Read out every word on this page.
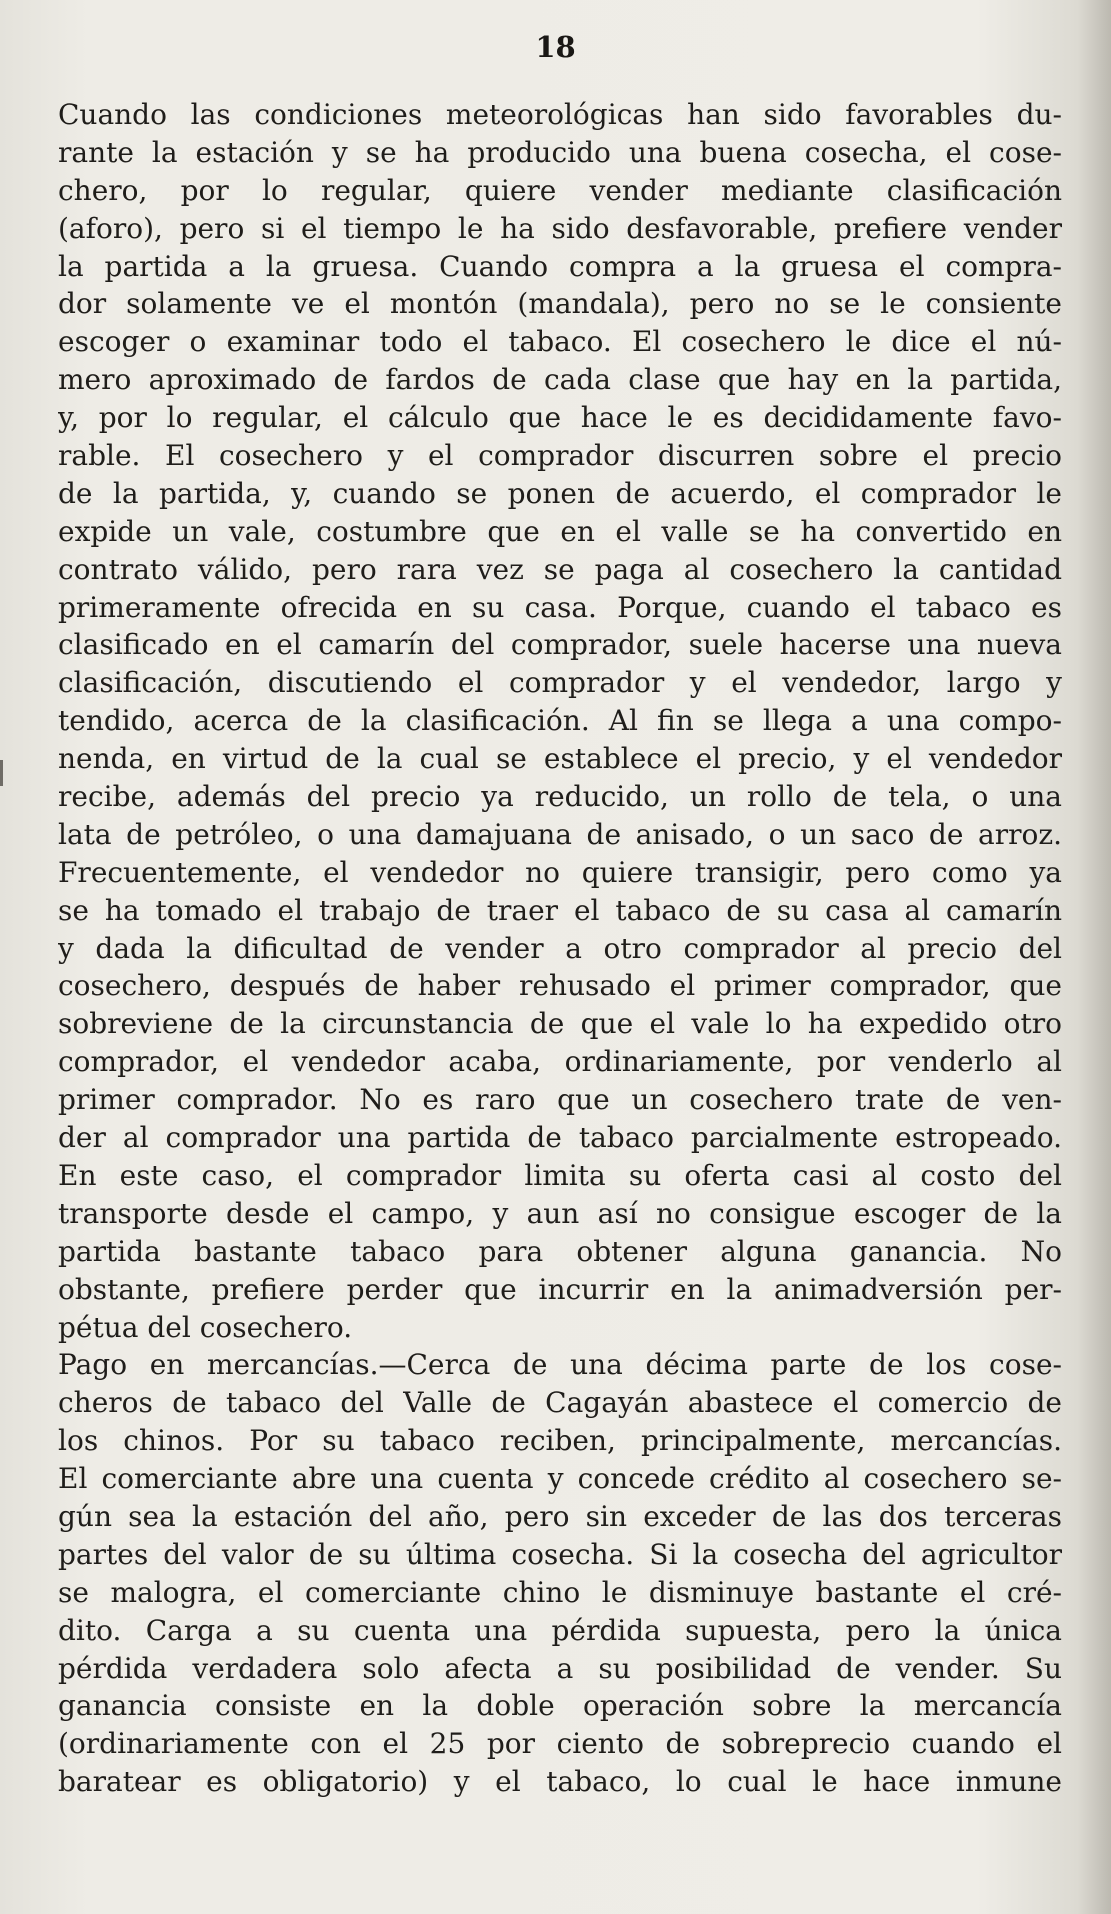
18
Cuando las condiciones meteorológicas han sido favorables du-
rante la estación y se ha producido una buena cosecha, el cose-
chero, por lo regular, quiere vender mediante clasificación
(aforo), pero si el tiempo le ha sido desfavorable, prefiere vender
la partida a la gruesa. Cuando compra a la gruesa el compra-
dor solamente ve el montón (mandala), pero no se le consiente
escoger o examinar todo el tabaco. El cosechero le dice el nú-
mero aproximado de fardos de cada clase que hay en la partida,
y, por lo regular, el cálculo que hace le es decididamente favo-
rable. El cosechero y el comprador discurren sobre el precio
de la partida, y, cuando se ponen de acuerdo, el comprador le
expide un vale, costumbre que en el valle se ha convertido en
contrato válido, pero rara vez se paga al cosechero la cantidad
primeramente ofrecida en su casa. Porque, cuando el tabaco es
clasificado en el camarín del comprador, suele hacerse una nueva
clasificación, discutiendo el comprador y el vendedor, largo y
tendido, acerca de la clasificación. Al fin se llega a una compo-
nenda, en virtud de la cual se establece el precio, y el vendedor
recibe, además del precio ya reducido, un rollo de tela, o una
lata de petróleo, o una damajuana de anisado, o un saco de arroz.
Frecuentemente, el vendedor no quiere transigir, pero como ya
se ha tomado el trabajo de traer el tabaco de su casa al camarín
y dada la dificultad de vender a otro comprador al precio del
cosechero, después de haber rehusado el primer comprador, que
sobreviene de la circunstancia de que el vale lo ha expedido otro
comprador, el vendedor acaba, ordinariamente, por venderlo al
primer comprador. No es raro que un cosechero trate de ven-
der al comprador una partida de tabaco parcialmente estropeado.
En este caso, el comprador limita su oferta casi al costo del
transporte desde el campo, y aun así no consigue escoger de la
partida bastante tabaco para obtener alguna ganancia. No
obstante, prefiere perder que incurrir en la animadversión per-
pétua del cosechero.
Pago en mercancías.—Cerca de una décima parte de los cose-
cheros de tabaco del Valle de Cagayán abastece el comercio de
los chinos. Por su tabaco reciben, principalmente, mercancías.
El comerciante abre una cuenta y concede crédito al cosechero se-
gún sea la estación del año, pero sin exceder de las dos terceras
partes del valor de su última cosecha. Si la cosecha del agricultor
se malogra, el comerciante chino le disminuye bastante el cré-
dito. Carga a su cuenta una pérdida supuesta, pero la única
pérdida verdadera solo afecta a su posibilidad de vender. Su
ganancia consiste en la doble operación sobre la mercancía
(ordinariamente con el 25 por ciento de sobreprecio cuando el
baratear es obligatorio) y el tabaco, lo cual le hace inmune
